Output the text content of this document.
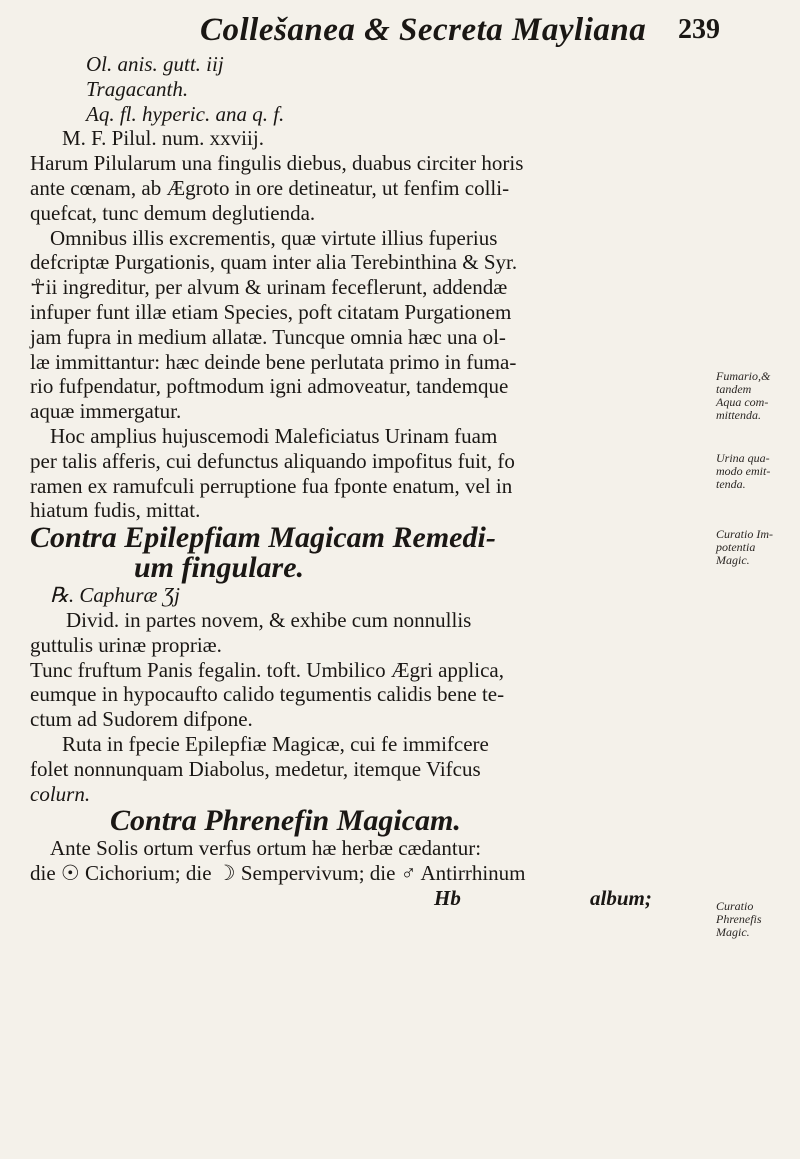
Collešanea & Secreta Mayliana 239
Ol. anis. gutt. iij
Tragacanth.
Aq. fl. hyperic. ana q. f.
M. F. Pilul. num. xxviij.
Harum Pilularum una fingulis diebus, duabus circiter horis
ante cœnam, ab Ægroto in ore detineatur, ut fenfim colli-
quefcat, tunc demum deglutienda.
Omnibus illis excrementis, quæ virtute illius fuperius
defcriptæ Purgationis, quam inter alia Terebinthina & Syr.
☥ii ingreditur, per alvum & urinam feceflerunt, addendæ
infuper funt illæ etiam Species, poft citatam Purgationem
jam fupra in medium allatæ. Tuncque omnia hæc una ol-
læ immittantur: hæc deinde bene perlutata primo in fuma-
rio fufpendatur, poftmodum igni admoveatur, tandemque
aquæ immergatur.
Hoc amplius hujuscemodi Maleficiatus Urinam fuam
per talis afferis, cui defunctus aliquando impofitus fuit, fo
ramen ex ramufculi perruptione fua fponte enatum, vel in
hiatum fudis, mittat.
Contra Epilepfiam Magicam Remedi-
um fingulare.
℞. Caphuræ Ʒj
Divid. in partes novem, & exhibe cum nonnullis
guttulis urinæ propriæ.
Tunc fruftum Panis fegalin. toft. Umbilico Ægri applica,
eumque in hypocaufto calido tegumentis calidis bene te-
ctum ad Sudorem difpone.
Ruta in fpecie Epilepfiæ Magicæ, cui fe immifcere
folet nonnunquam Diabolus, medetur, itemque Vifcus
colurn.
Contra Phrenefin Magicam.
Ante Solis ortum verfus ortum hæ herbæ cædantur:
die ☉ Cichorium; die ☽ Sempervivum; die ♂ Antirrhinum
Hb	album;
Fumario,&
tandem
Aqua com-
mittenda.
Urina qua-
modo emit-
tenda.
Curatio Im-
potentia
Magic.
Curatio
Phrenefis
Magic.
